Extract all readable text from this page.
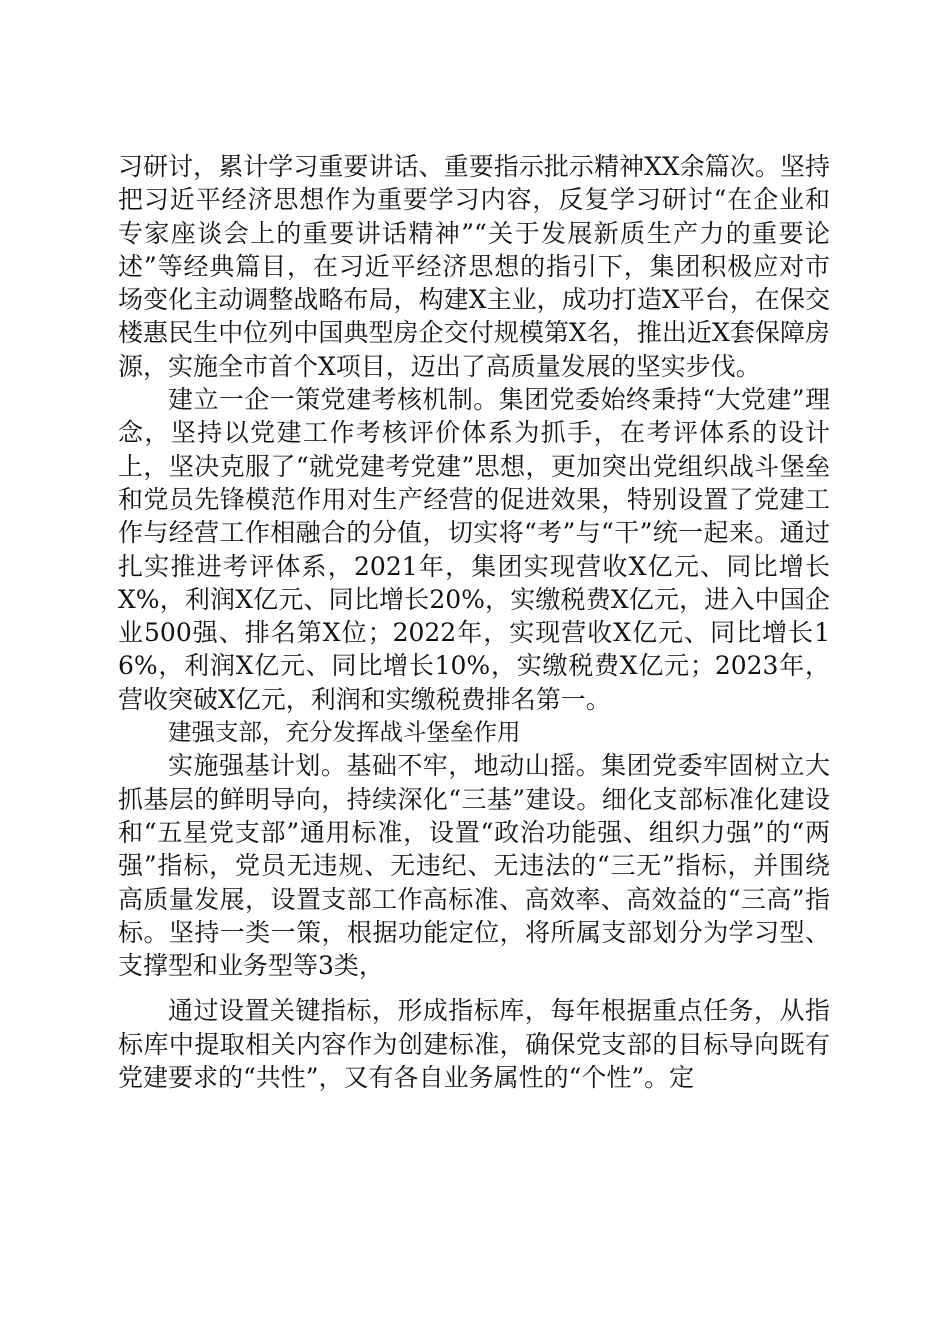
习研讨，累计学习重要讲话、重要指示批示精神XX余篇次。坚持把习近平经济思想作为重要学习内容，反复学习研讨“在企业和专家座谈会上的重要讲话精神”“关于发展新质生产力的重要论述”等经典篇目，在习近平经济思想的指引下，集团积极应对市场变化主动调整战略布局，构建X主业，成功打造X平台，在保交楼惠民生中位列中国典型房企交付规模第X名，推出近X套保障房源，实施全市首个X项目，迈出了高质量发展的坚实步伐。

建立一企一策党建考核机制。集团党委始终秉持“大党建”理念，坚持以党建工作考核评价体系为抓手，在考评体系的设计上，坚决克服了“就党建考党建”思想，更加突出党组织战斗堡垒和党员先锋模范作用对生产经营的促进效果，特别设置了党建工作与经营工作相融合的分值，切实将“考”与“干”统一起来。通过扎实推进考评体系，2021年，集团实现营收X亿元、同比增长X%，利润X亿元、同比增长20%，实缴税费X亿元，进入中国企业500强、排名第X位；2022年，实现营收X亿元、同比增长16%，利润X亿元、同比增长10%，实缴税费X亿元；2023年，营收突破X亿元，利润和实缴税费排名第一。

建强支部，充分发挥战斗堡垒作用

实施强基计划。基础不牢，地动山摇。集团党委牢固树立大抓基层的鲜明导向，持续深化“三基”建设。细化支部标准化建设和“五星党支部”通用标准，设置“政治功能强、组织力强”的“两强”指标，党员无违规、无违纪、无违法的“三无”指标，并围绕高质量发展，设置支部工作高标准、高效率、高效益的“三高”指标。坚持一类一策，根据功能定位，将所属支部划分为学习型、支撑型和业务型等3类，

通过设置关键指标，形成指标库，每年根据重点任务，从指标库中提取相关内容作为创建标准，确保党支部的目标导向既有党建要求的“共性”，又有各自业务属性的“个性”。定
